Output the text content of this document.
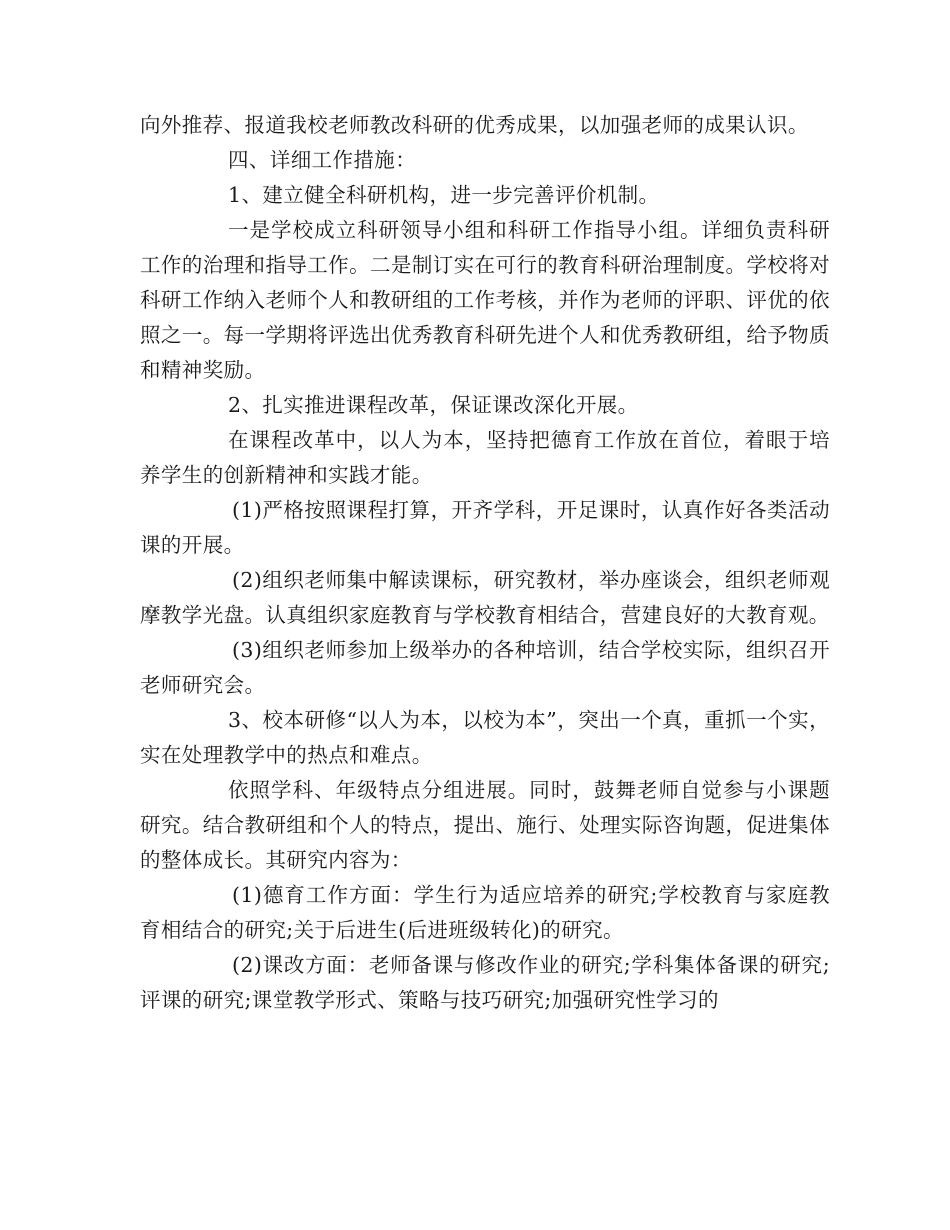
向外推荐、报道我校老师教改科研的优秀成果，以加强老师的成果认识。

四、详细工作措施：

1、建立健全科研机构，进一步完善评价机制。

一是学校成立科研领导小组和科研工作指导小组。详细负责科研工作的治理和指导工作。二是制订实在可行的教育科研治理制度。学校将对科研工作纳入老师个人和教研组的工作考核，并作为老师的评职、评优的依照之一。每一学期将评选出优秀教育科研先进个人和优秀教研组，给予物质和精神奖励。

2、扎实推进课程改革，保证课改深化开展。

在课程改革中，以人为本，坚持把德育工作放在首位，着眼于培养学生的创新精神和实践才能。

(1)严格按照课程打算，开齐学科，开足课时，认真作好各类活动课的开展。

(2)组织老师集中解读课标，研究教材，举办座谈会，组织老师观摩教学光盘。认真组织家庭教育与学校教育相结合，营建良好的大教育观。

(3)组织老师参加上级举办的各种培训，结合学校实际，组织召开老师研究会。

3、校本研修“以人为本，以校为本”，突出一个真，重抓一个实，实在处理教学中的热点和难点。

依照学科、年级特点分组进展。同时，鼓舞老师自觉参与小课题研究。结合教研组和个人的特点，提出、施行、处理实际咨询题，促进集体的整体成长。其研究内容为：

(1)德育工作方面：学生行为适应培养的研究;学校教育与家庭教育相结合的研究;关于后进生(后进班级转化)的研究。

(2)课改方面：老师备课与修改作业的研究;学科集体备课的研究;评课的研究;课堂教学形式、策略与技巧研究;加强研究性学习的
